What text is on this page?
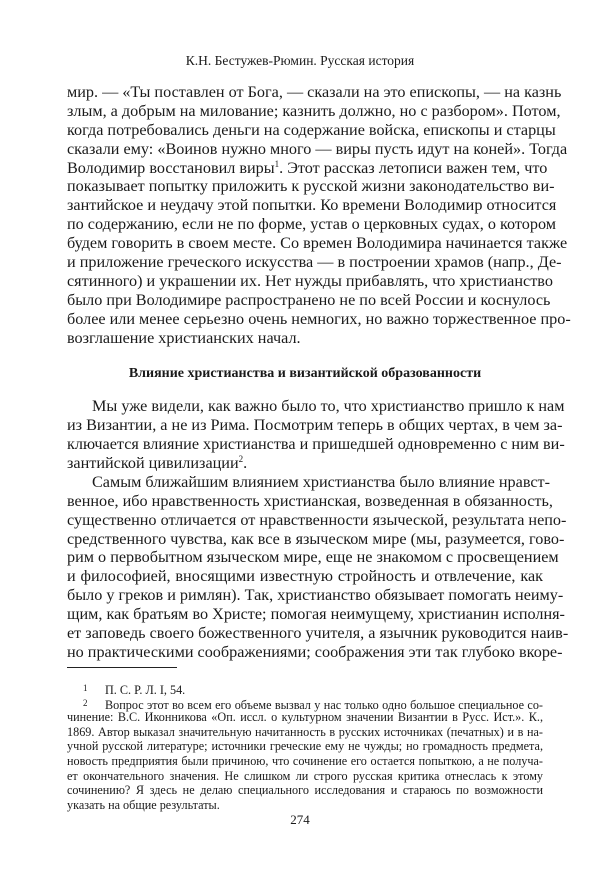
К.Н. Бестужев-Рюмин. Русская история
мир. — «Ты поставлен от Бога, — сказали на это епископы, — на казнь
злым, а добрым на милование; казнить должно, но с разбором». Потом,
когда потребовались деньги на содержание войска, епископы и старцы
сказали ему: «Воинов нужно много — виры пусть идут на коней». Тогда
Володимир восстановил виры$^1$. Этот рассказ летописи важен тем, что
показывает попытку приложить к русской жизни законодательство ви-
зантийское и неудачу этой попытки. Ко времени Володимир относится
по содержанию, если не по форме, устав о церковных судах, о котором
будем говорить в своем месте. Со времен Володимира начинается также
и приложение греческого искусства — в построении храмов (напр., Де-
сятинного) и украшении их. Нет нужды прибавлять, что христианство
было при Володимире распространено не по всей России и коснулось
более или менее серьезно очень немногих, но важно торжественное про-
возглашение христианских начал.
Влияние христианства и византийской образованности
Мы уже видели, как важно было то, что христианство пришло к нам
из Византии, а не из Рима. Посмотрим теперь в общих чертах, в чем за-
ключается влияние христианства и пришедшей одновременно с ним ви-
зантийской цивилизации$^2$.
Самым ближайшим влиянием христианства было влияние нравст-
венное, ибо нравственность христианская, возведенная в обязанность,
существенно отличается от нравственности языческой, результата непо-
средственного чувства, как все в языческом мире (мы, разумеется, гово-
рим о первобытном языческом мире, еще не знакомом с просвещением
и философией, вносящими известную стройность и отвлечение, как
было у греков и римлян). Так, христианство обязывает помогать неиму-
щим, как братьям во Христе; помогая неимущему, христианин исполня-
ет заповедь своего божественного учителя, а язычник руководится наив-
но практическими соображениями; соображения эти так глубоко вкоре-
1 П. С. Р. Л. I, 54.
2 Вопрос этот во всем его объеме вызвал у нас только одно большое специальное со-
чинение: В.С. Иконникова «Оп. иссл. о культурном значении Византии в Русс. Ист.». К.,
1869. Автор выказал значительную начитанность в русских источниках (печатных) и в на-
учной русской литературе; источники греческие ему не чужды; но громадность предмета,
новость предприятия были причиною, что сочинение его остается попыткою, а не получа-
ет окончательного значения. Не слишком ли строго русская критика отнеслась к этому
сочинению? Я здесь не делаю специального исследования и стараюсь по возможности
указать на общие результаты.
274
